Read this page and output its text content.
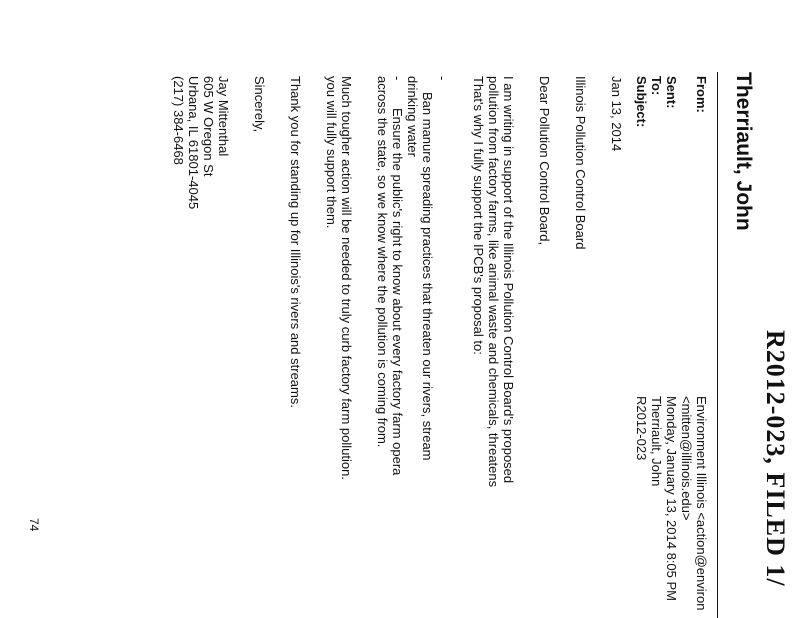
R2012-023, FILED 1/
Therriault, John
From:
Environment Illinois <action@environ
<mitten@illinois.edu>
Sent:
Monday, January 13, 2014 8:05 PM
To:
Therriault, John
Subject:
R2012-023

Jan 13, 2014

Illinois Pollution Control Board

Dear Pollution Control Board,

I am writing in support of the Illinois Pollution Control Board's proposed
pollution from factory farms, like animal waste and chemicals, threatens
That's why I fully support the IPCB's proposal to:

-
Ban manure spreading practices that threaten our rivers, stream
drinking water
-Ensure the public's right to know about every factory farm opera
across the state, so we know where the pollution is coming from.

Much tougher action will be needed to truly curb factory farm pollution.
you will fully support them.

Thank you for standing up for Illinois's rivers and streams.

Sincerely,

Jay Mittenthal
605 W Oregon St
Urbana, IL 61801-4045
(217) 384-6468
74
